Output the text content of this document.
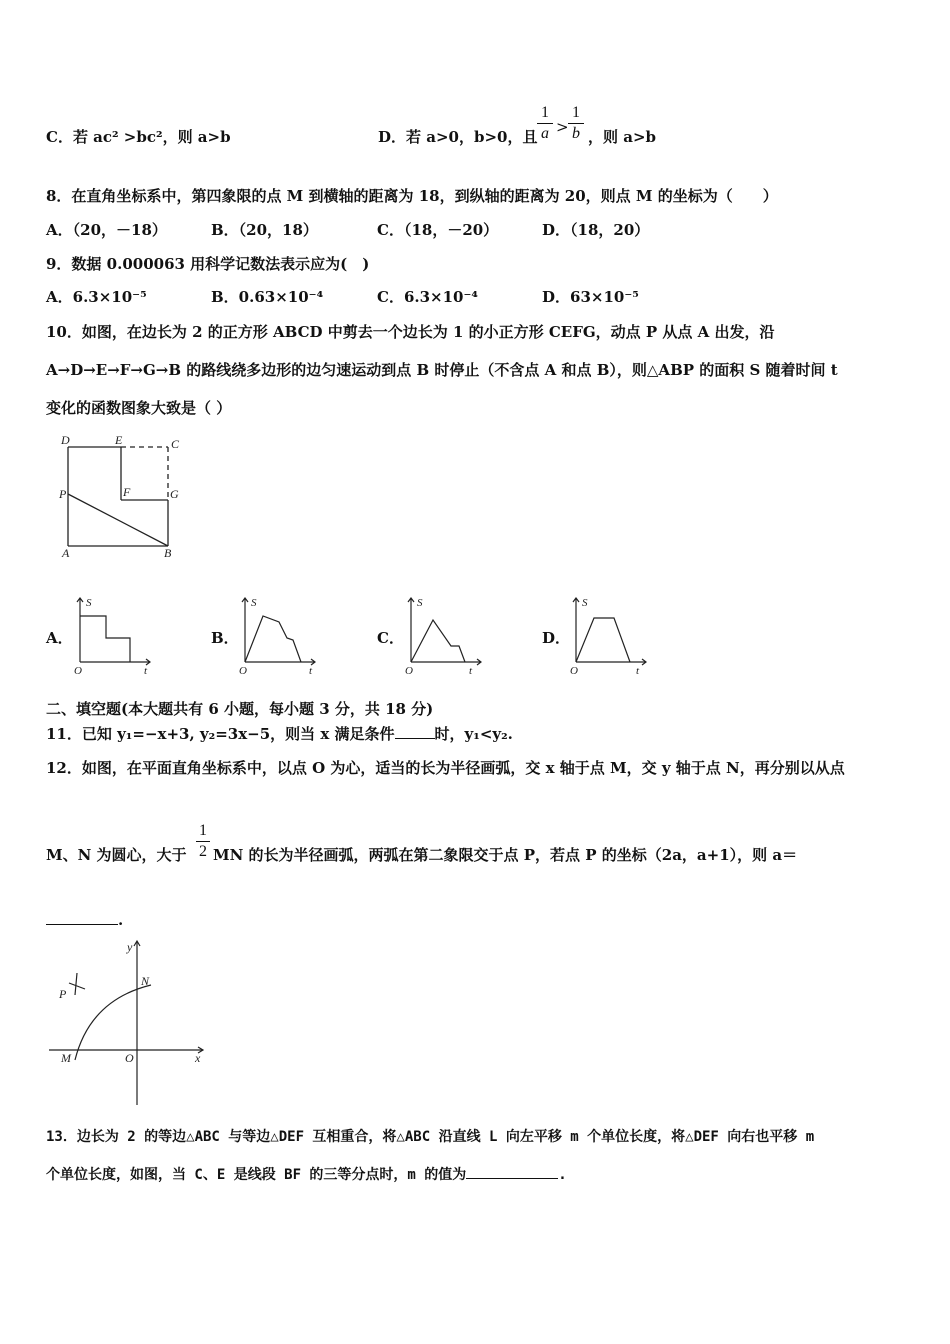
C．若 ac² >bc²，则 a>b	D．若 a>0，b>0，且 $\frac{1}{a} > \frac{1}{b}$ ，则 a>b
8．在直角坐标系中，第四象限的点 M 到横轴的距离为 18，到纵轴的距离为 20，则点 M 的坐标为（　　）
A．（20，－18）	B．（20，18）	C．（18，－20）	D．（18，20）
9．数据 0.000063 用科学记数法表示应为(　)
A．6.3×10⁻⁵	B．0.63×10⁻⁴	C．6.3×10⁻⁴	D．63×10⁻⁵
10．如图，在边长为 2 的正方形 ABCD 中剪去一个边长为 1 的小正方形 CEFG，动点 P 从点 A 出发，沿
A→D→E→F→G→B 的路线绕多边形的边匀速运动到点 B 时停止（不含点 A 和点 B），则△ABP 的面积 S 随着时间 t
变化的函数图象大致是（ ）
D	E	C
P	F	G
A	B
A．
S
O	t
B．
S
O	t
C．
S
O	t
D．
S
O	t
二、填空题(本大题共有 6 小题，每小题 3 分，共 18 分)
11．已知 y₁=−x+3, y₂=3x−5，则当 x 满足条件	时，y₁<y₂.
12．如图，在平面直角坐标系中，以点 O 为心，适当的长为半径画弧，交 x 轴于点 M，交 y 轴于点 N，再分别以从点
M、N 为圆心，大于 $\frac{1}{2}$ MN 的长为半径画弧，两弧在第二象限交于点 P，若点 P 的坐标（2a，a+1），则 a＝
.
y
N
P
M	O	x
13．边长为 2 的等边△ABC 与等边△DEF 互相重合，将△ABC 沿直线 L 向左平移 m 个单位长度，将△DEF 向右也平移 m
个单位长度，如图，当 C、E 是线段 BF 的三等分点时，m 的值为	.
